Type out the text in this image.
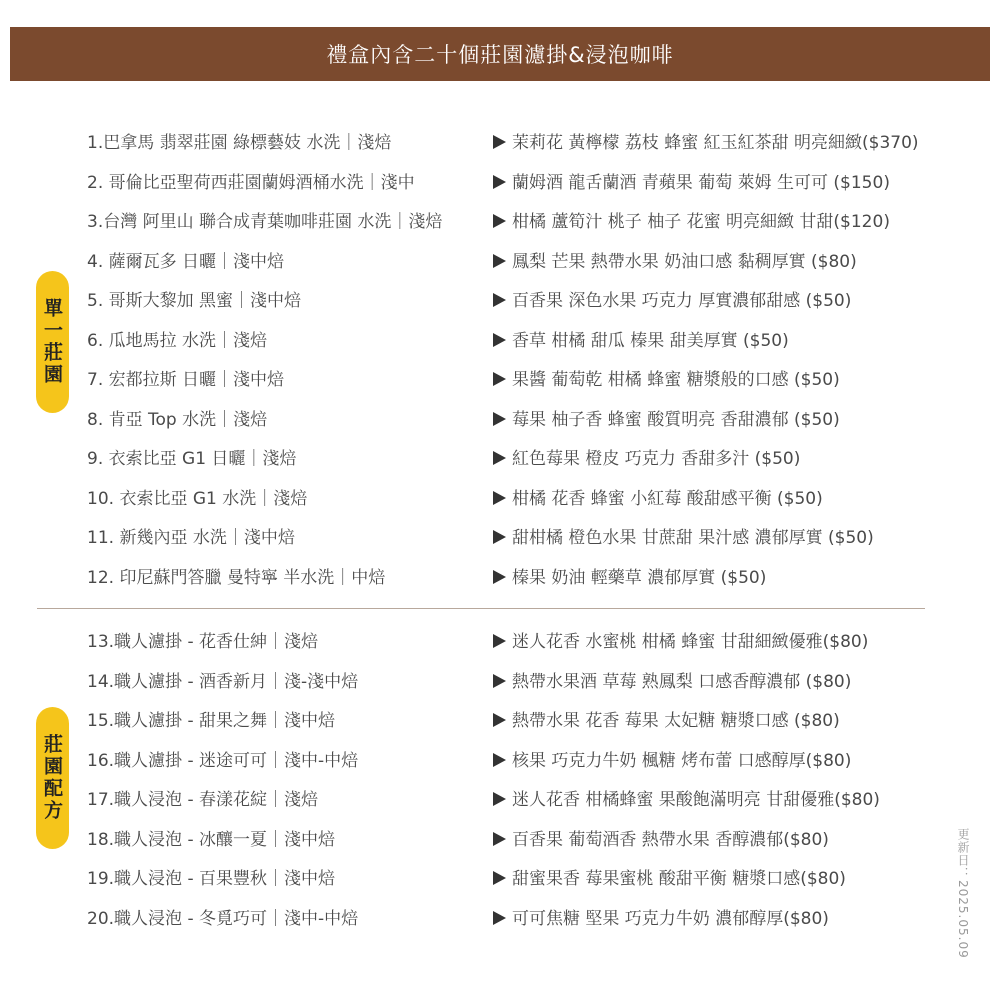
禮盒內含二十個莊園濾掛&浸泡咖啡
單一莊園
莊園配方
1.巴拿馬 翡翠莊園 綠標藝妓 水洗｜淺焙	茉莉花 黃檸檬 荔枝 蜂蜜 紅玉紅茶甜 明亮細緻($370)
2. 哥倫比亞聖荷西莊園蘭姆酒桶水洗｜淺中	蘭姆酒 龍舌蘭酒 青蘋果 葡萄 萊姆 生可可 ($150)
3.台灣 阿里山 聯合成青葉咖啡莊園 水洗｜淺焙	柑橘 蘆筍汁 桃子 柚子 花蜜 明亮細緻 甘甜($120)
4. 薩爾瓦多 日曬｜淺中焙	鳳梨 芒果 熱帶水果 奶油口感 黏稠厚實 ($80)
5. 哥斯大黎加 黑蜜｜淺中焙	百香果 深色水果 巧克力 厚實濃郁甜感 ($50)
6. 瓜地馬拉 水洗｜淺焙	香草 柑橘 甜瓜 榛果 甜美厚實 ($50)
7. 宏都拉斯 日曬｜淺中焙	果醬 葡萄乾 柑橘 蜂蜜 糖漿般的口感 ($50)
8. 肯亞 Top 水洗｜淺焙	莓果 柚子香 蜂蜜 酸質明亮 香甜濃郁 ($50)
9. 衣索比亞 G1 日曬｜淺焙	紅色莓果 橙皮 巧克力 香甜多汁 ($50)
10. 衣索比亞 G1 水洗｜淺焙	柑橘 花香 蜂蜜 小紅莓 酸甜感平衡 ($50)
11. 新幾內亞 水洗｜淺中焙	甜柑橘 橙色水果 甘蔗甜 果汁感 濃郁厚實 ($50)
12. 印尼蘇門答臘 曼特寧 半水洗｜中焙	榛果 奶油 輕藥草 濃郁厚實 ($50)
13.職人濾掛 - 花香仕紳｜淺焙	迷人花香 水蜜桃 柑橘 蜂蜜 甘甜細緻優雅($80)
14.職人濾掛 - 酒香新月｜淺-淺中焙	熱帶水果酒 草莓 熟鳳梨 口感香醇濃郁 ($80)
15.職人濾掛 - 甜果之舞｜淺中焙	熱帶水果 花香 莓果 太妃糖 糖漿口感 ($80)
16.職人濾掛 - 迷途可可｜淺中-中焙	核果 巧克力牛奶 楓糖 烤布蕾 口感醇厚($80)
17.職人浸泡 - 春漾花綻｜淺焙	迷人花香 柑橘蜂蜜 果酸飽滿明亮 甘甜優雅($80)
18.職人浸泡 - 冰釀一夏｜淺中焙	百香果 葡萄酒香 熱帶水果 香醇濃郁($80)
19.職人浸泡 - 百果豐秋｜淺中焙	甜蜜果香 莓果蜜桃 酸甜平衡 糖漿口感($80)
20.職人浸泡 - 冬覓巧可｜淺中-中焙	可可焦糖 堅果 巧克力牛奶 濃郁醇厚($80)	更新日：2025.05.09
